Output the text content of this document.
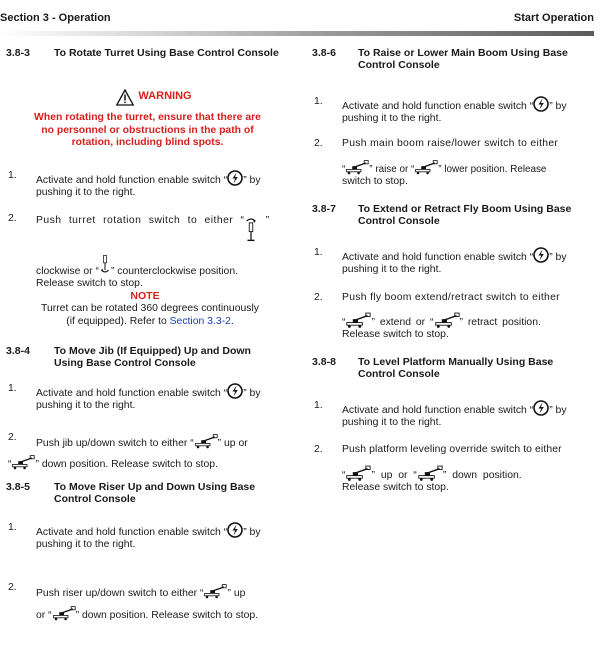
Section 3 - Operation	Start Operation
3.8-3 To Rotate Turret Using Base Control Console
WARNING
When rotating the turret, ensure that there are no personnel or obstructions in the path of rotation, including blind spots.
1. Activate and hold function enable switch “ ” by
pushing it to the right.
2. Push turret rotation switch to either “ ”
clockwise or “ ” counterclockwise position.
Release switch to stop.
NOTE
Turret can be rotated 360 degrees continuously
(if equipped). Refer to Section 3.3-2.
3.8-4 To Move Jib (If Equipped) Up and Down Using Base Control Console
1. Activate and hold function enable switch “ ” by
pushing it to the right.
2.
Push jib up/down switch to either “ ” up or
“ ” down position. Release switch to stop.
3.8-5 To Move Riser Up and Down Using Base Control Console
1. Activate and hold function enable switch “ ” by
pushing it to the right.
2.
Push riser up/down switch to either “ ” up
or “ ” down position. Release switch to stop.
3.8-6 To Raise or Lower Main Boom Using Base Control Console
1. Activate and hold function enable switch “ ” by
pushing it to the right.
2. Push main boom raise/lower switch to either
“ ” raise or “ ” lower position. Release
switch to stop.
3.8-7 To Extend or Retract Fly Boom Using Base Control Console
1. Activate and hold function enable switch “ ” by
pushing it to the right.
2. Push fly boom extend/retract switch to either
“	” extend or “	” retract position.
Release switch to stop.
3.8-8 To Level Platform Manually Using Base Control Console
1. Activate and hold function enable switch “ ” by
pushing it to the right.
2. Push platform leveling override switch to either
“	” up or “	” down position.
Release switch to stop.
